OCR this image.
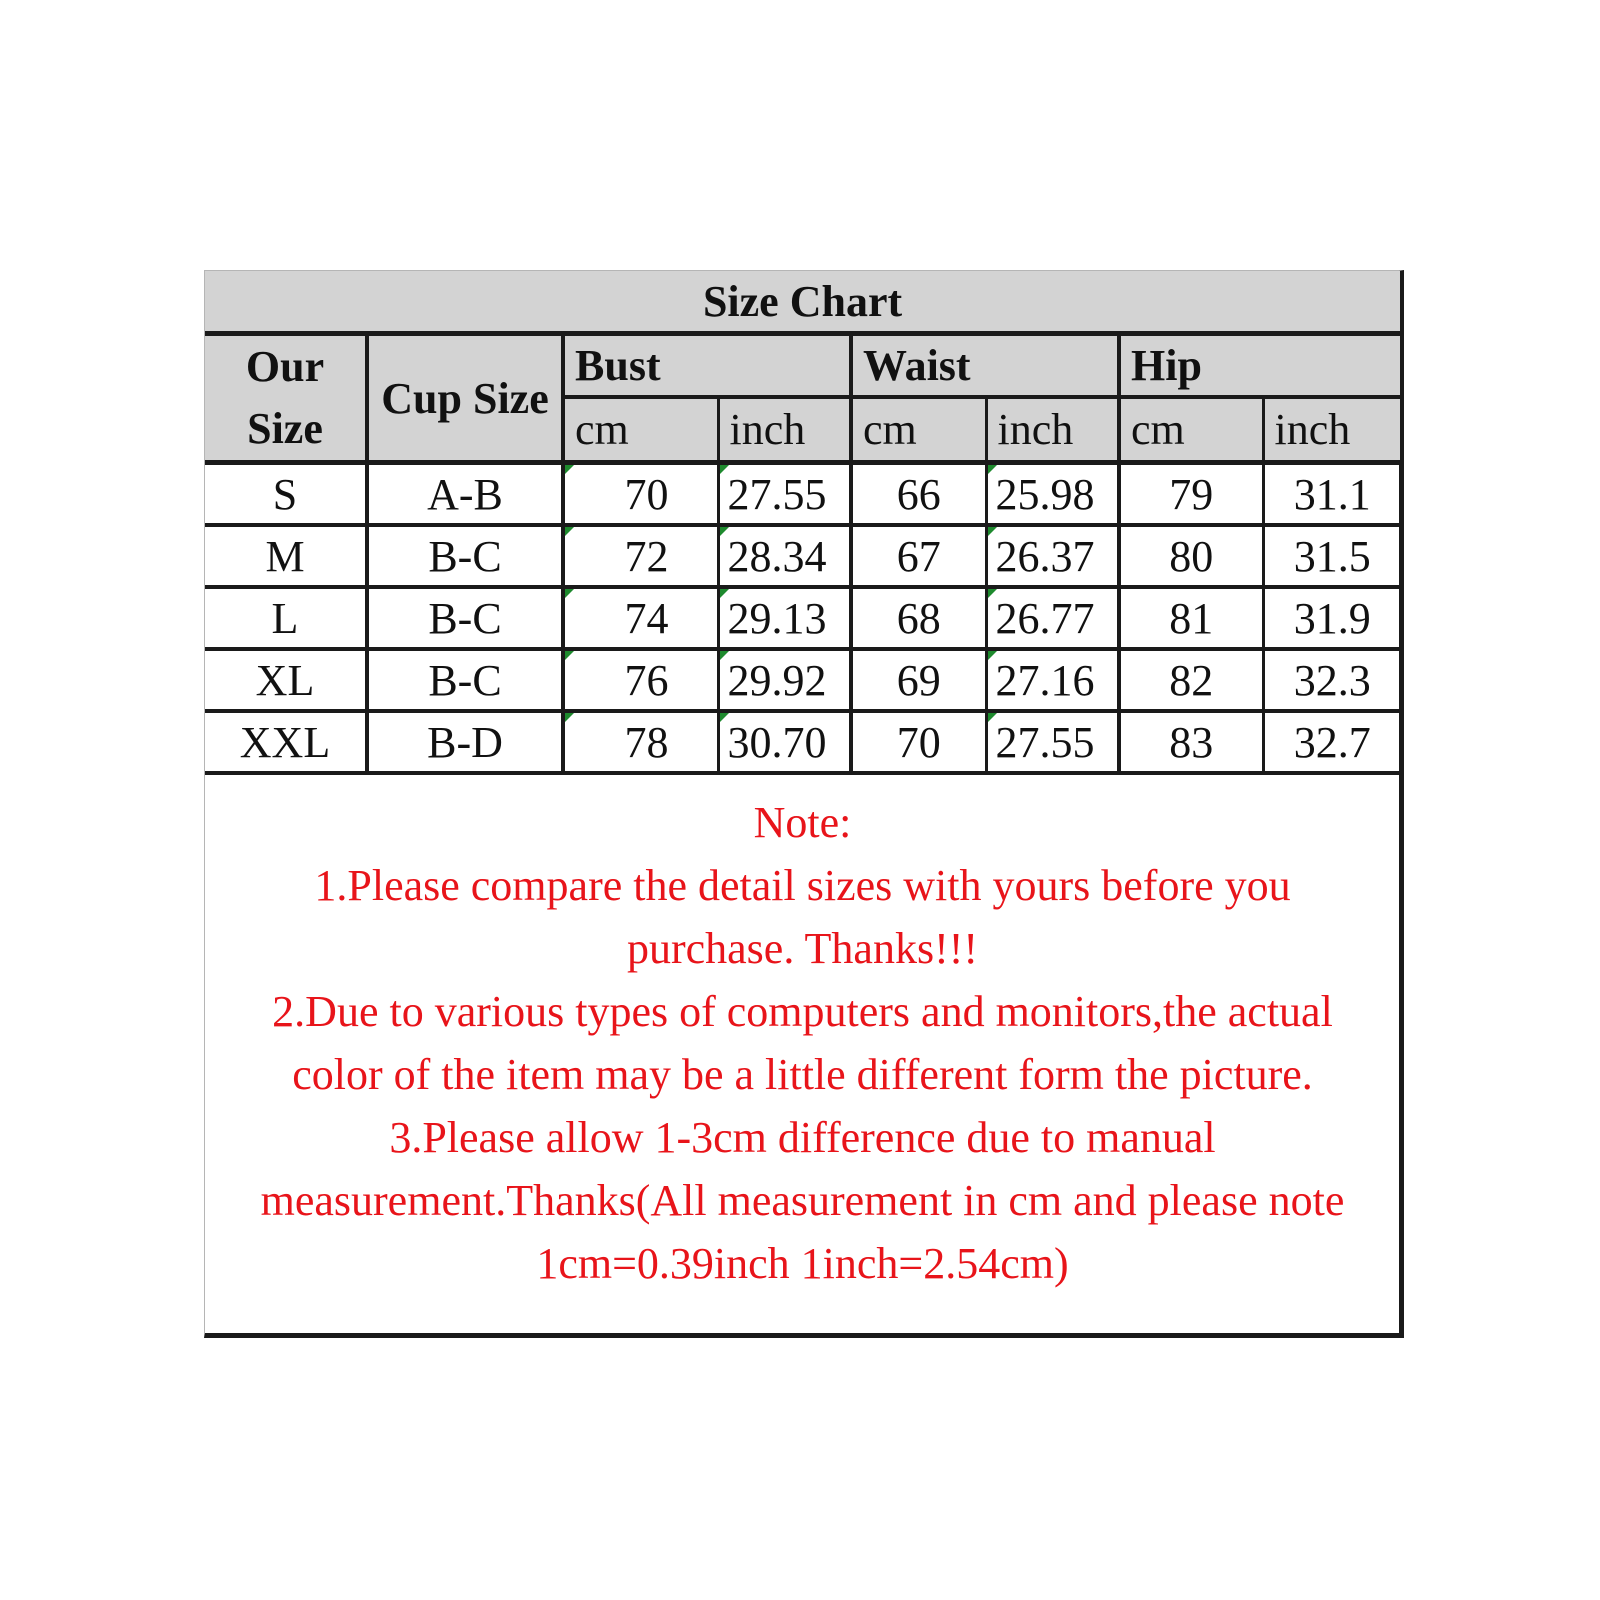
Size Chart							
Our
Size	Cup Size	Bust		Waist		Hip	
		cm	inch	cm	inch	cm	inch
S	A-B	70	27.55	66	25.98	79	31.1
M	B-C	72	28.34	67	26.37	80	31.5
L	B-C	74	29.13	68	26.77	81	31.9
XL	B-C	76	29.92	69	27.16	82	32.3
XXL	B-D	78	30.70	70	27.55	83	32.7
Note:
1.Please compare the detail sizes with yours before you
purchase. Thanks!!!
2.Due to various types of computers and monitors,the actual
color of the item may be a little different form the picture.
3.Please allow 1-3cm difference due to manual
measurement.Thanks(All measurement in cm and please note
1cm=0.39inch 1inch=2.54cm)
